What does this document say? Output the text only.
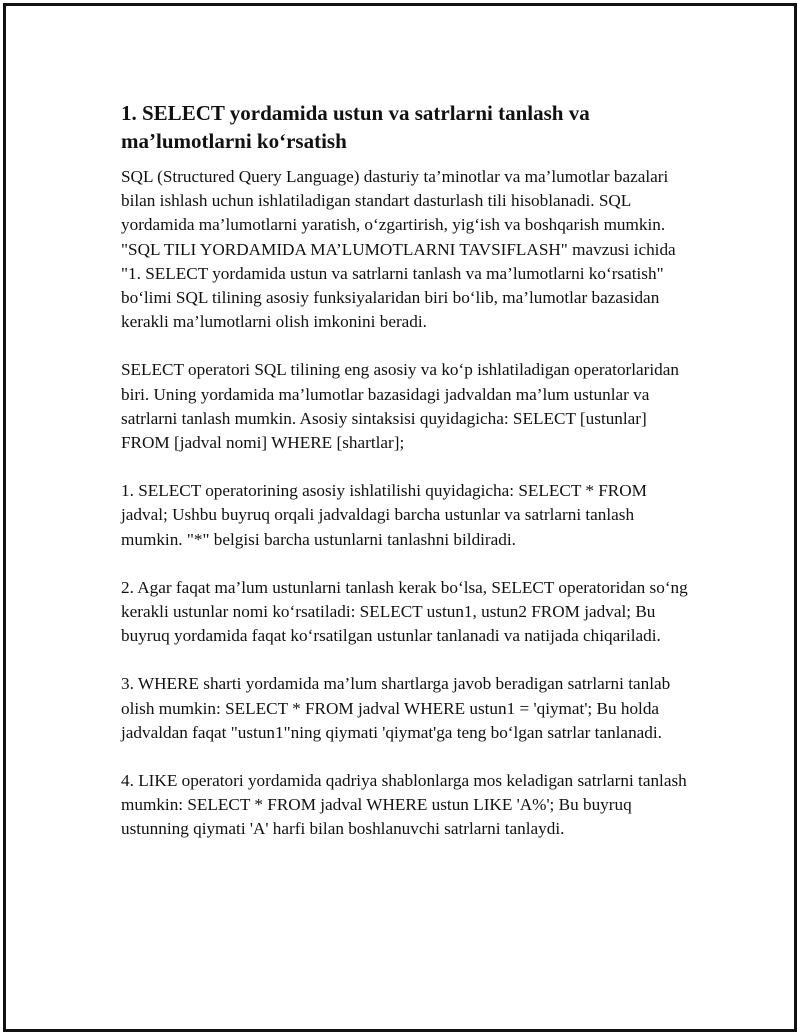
1. SELECT yordamida ustun va satrlarni tanlash va ma’lumotlarni ko‘rsatish

SQL (Structured Query Language) dasturiy ta’minotlar va ma’lumotlar bazalari bilan ishlash uchun ishlatiladigan standart dasturlash tili hisoblanadi. SQL yordamida ma’lumotlarni yaratish, o‘zgartirish, yig‘ish va boshqarish mumkin. "SQL TILI YORDAMIDA MA’LUMOTLARNI TAVSIFLASH" mavzusi ichida "1. SELECT yordamida ustun va satrlarni tanlash va ma’lumotlarni ko‘rsatish" bo‘limi SQL tilining asosiy funksiyalaridan biri bo‘lib, ma’lumotlar bazasidan kerakli ma’lumotlarni olish imkonini beradi.

SELECT operatori SQL tilining eng asosiy va ko‘p ishlatiladigan operatorlaridan biri. Uning yordamida ma’lumotlar bazasidagi jadvaldan ma’lum ustunlar va satrlarni tanlash mumkin. Asosiy sintaksisi quyidagicha: SELECT [ustunlar] FROM [jadval nomi] WHERE [shartlar];

1. SELECT operatorining asosiy ishlatilishi quyidagicha: SELECT * FROM jadval; Ushbu buyruq orqali jadvaldagi barcha ustunlar va satrlarni tanlash mumkin. "*" belgisi barcha ustunlarni tanlashni bildiradi.

2. Agar faqat ma’lum ustunlarni tanlash kerak bo‘lsa, SELECT operatoridan so‘ng kerakli ustunlar nomi ko‘rsatiladi: SELECT ustun1, ustun2 FROM jadval; Bu buyruq yordamida faqat ko‘rsatilgan ustunlar tanlanadi va natijada chiqariladi.

3. WHERE sharti yordamida ma’lum shartlarga javob beradigan satrlarni tanlab olish mumkin: SELECT * FROM jadval WHERE ustun1 = 'qiymat'; Bu holda jadvaldan faqat "ustun1"ning qiymati 'qiymat'ga teng bo‘lgan satrlar tanlanadi.

4. LIKE operatori yordamida qadriya shablonlarga mos keladigan satrlarni tanlash mumkin: SELECT * FROM jadval WHERE ustun LIKE 'A%'; Bu buyruq ustunning qiymati 'A' harfi bilan boshlanuvchi satrlarni tanlaydi.
